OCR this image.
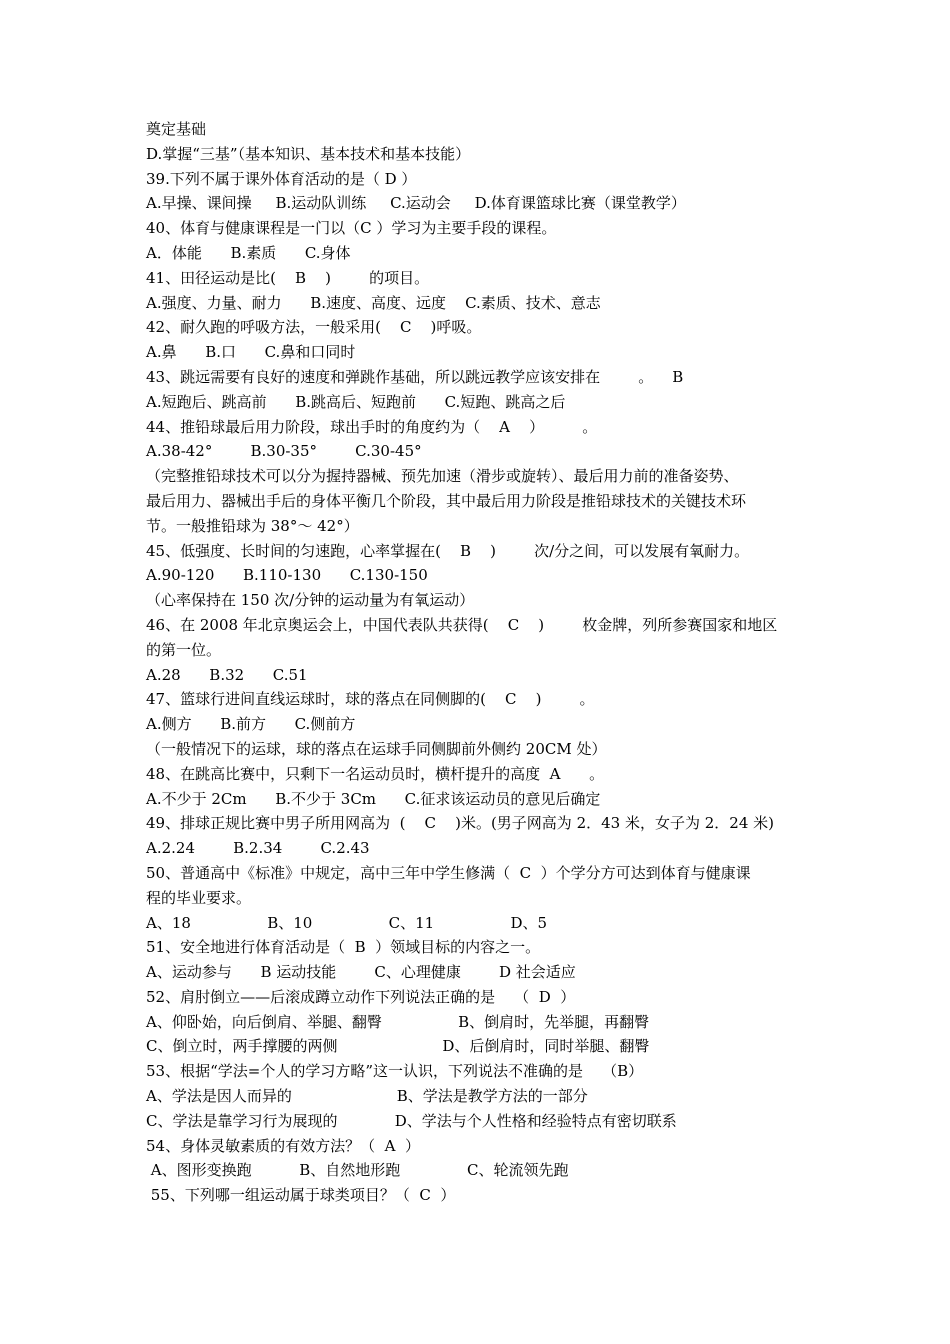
奠定基础
D.掌握“三基”（基本知识、基本技术和基本技能）
39.下列不属于课外体育活动的是（ D ）
A.早操、课间操     B.运动队训练     C.运动会     D.体育课篮球比赛（课堂教学）
40、体育与健康课程是一门以（C ）学习为主要手段的课程。
A．体能      B.素质      C.身体
41、田径运动是比(    B    )        的项目。
A.强度、力量、耐力      B.速度、高度、远度    C.素质、技术、意志
42、耐久跑的呼吸方法，一般采用(    C    )呼吸。
A.鼻      B.口      C.鼻和口同时
43、跳远需要有良好的速度和弹跳作基础，所以跳远教学应该安排在        。    B
A.短跑后、跳高前      B.跳高后、短跑前      C.短跑、跳高之后
44、推铅球最后用力阶段，球出手时的角度约为（    A    ）        。
A.38-42°        B.30-35°        C.30-45°
（完整推铅球技术可以分为握持器械、预先加速（滑步或旋转）、最后用力前的准备姿势、
最后用力、器械出手后的身体平衡几个阶段，其中最后用力阶段是推铅球技术的关键技术环
节。一般推铅球为 38°～ 42°）
45、低强度、长时间的匀速跑，心率掌握在(    B    )        次/分之间，可以发展有氧耐力。
A.90-120      B.110-130      C.130-150
（心率保持在 150 次/分钟的运动量为有氧运动）
46、在 2008 年北京奥运会上，中国代表队共获得(    C    )        枚金牌，列所参赛国家和地区
的第一位。
A.28      B.32      C.51
47、篮球行进间直线运球时，球的落点在同侧脚的(    C    )        。
A.侧方      B.前方      C.侧前方
（一般情况下的运球，球的落点在运球手同侧脚前外侧约 20CM 处）
48、在跳高比赛中，只剩下一名运动员时，横杆提升的高度  A      。
A.不少于 2Cm      B.不少于 3Cm      C.征求该运动员的意见后确定
49、排球正规比赛中男子所用网高为  (    C    )米。(男子网高为 2．43 米，女子为 2．24 米)
A.2.24        B.2.34        C.2.43
50、普通高中《标准》中规定，高中三年中学生修满（  C  ）个学分方可达到体育与健康课
程的毕业要求。
A、18                B、10                C、11                D、5
51、安全地进行体育活动是（  B  ）领域目标的内容之一。
A、运动参与      B 运动技能        C、心理健康        D 社会适应
52、肩肘倒立——后滚成蹲立动作下列说法正确的是    （  D  ）
A、仰卧始，向后倒肩、举腿、翻臀                B、倒肩时，先举腿，再翻臀
C、倒立时，两手撑腰的两侧                      D、后倒肩时，同时举腿、翻臀
53、根据“学法=个人的学习方略”这一认识，下列说法不准确的是    （B）
A、学法是因人而异的                      B、学法是教学方法的一部分
C、学法是靠学习行为展现的            D、学法与个人性格和经验特点有密切联系
54、身体灵敏素质的有效方法？（  A  ）
A、图形变换跑          B、自然地形跑              C、轮流领先跑
55、下列哪一组运动属于球类项目？（  C  ）
